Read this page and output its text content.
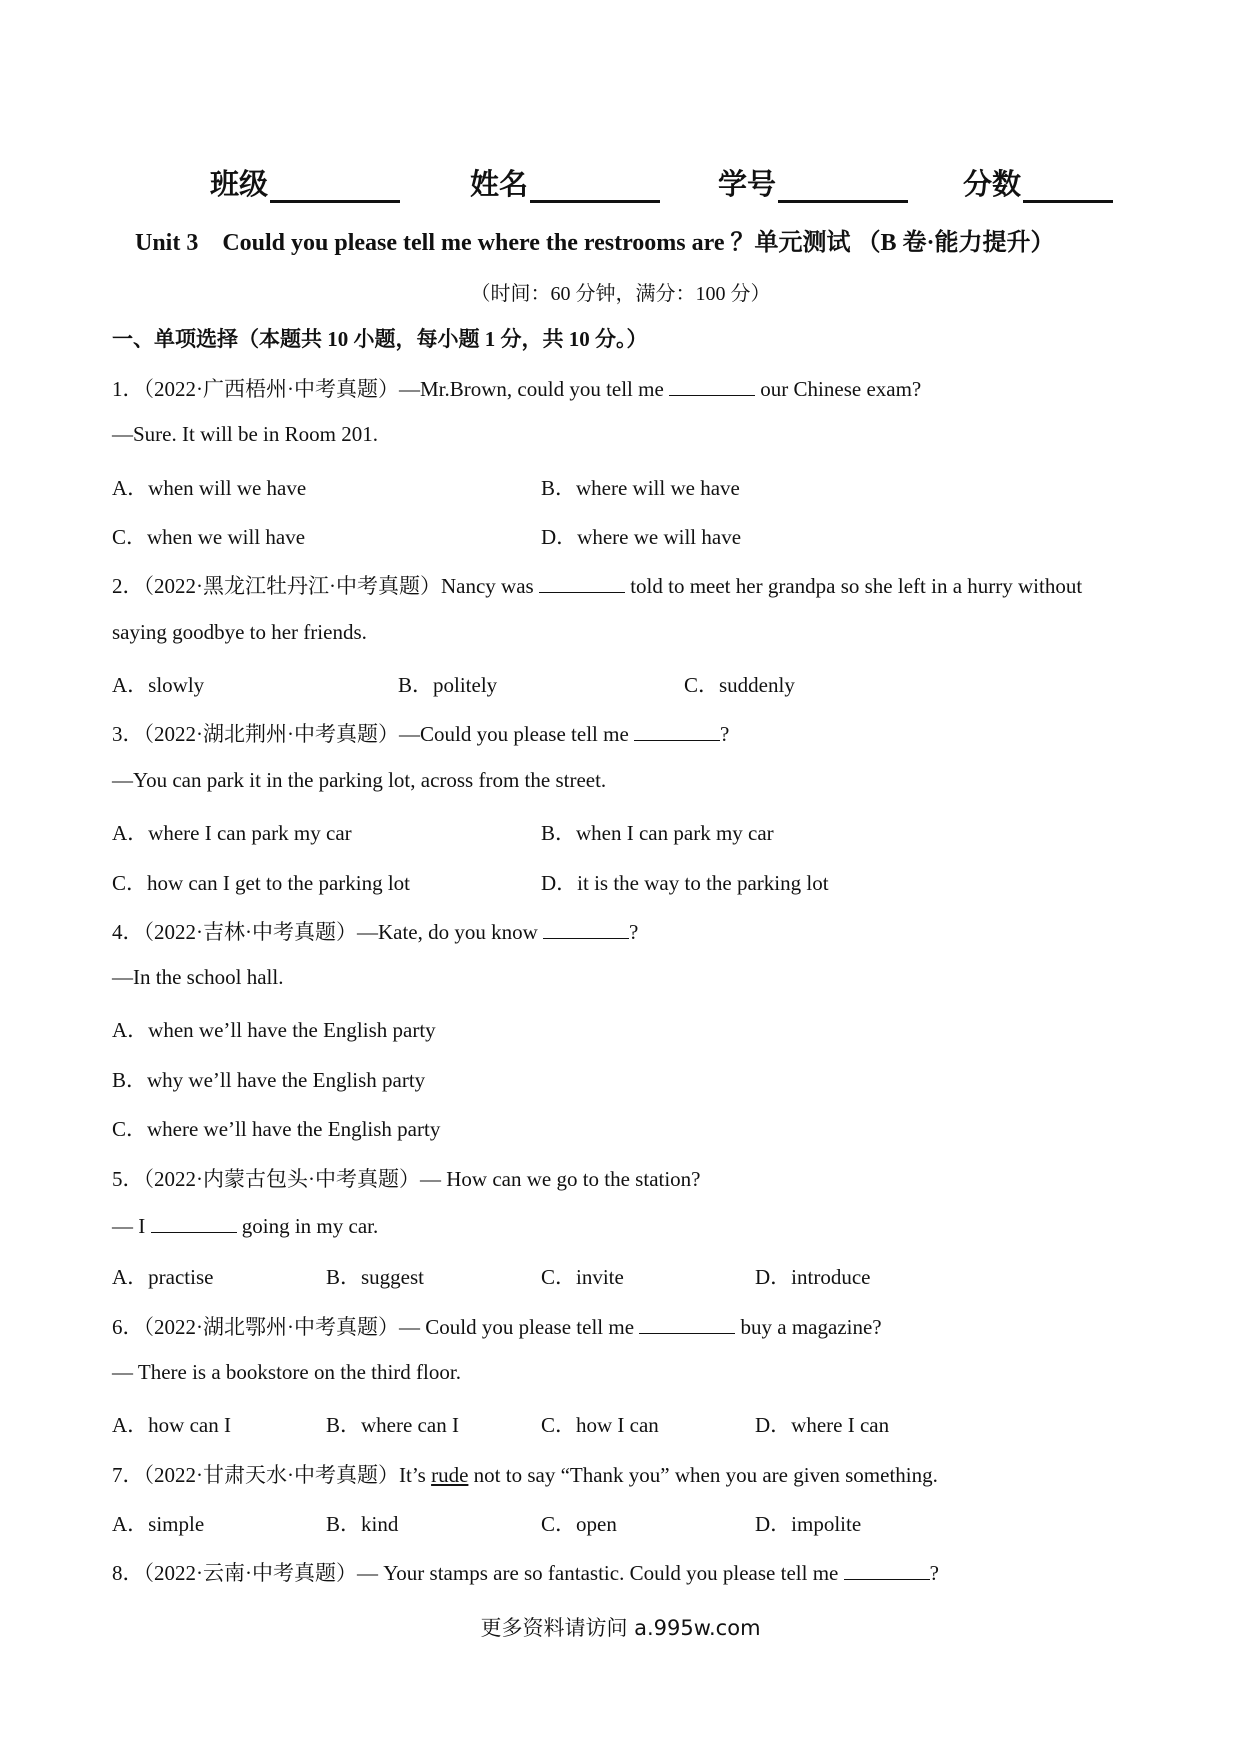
班级	姓名	学号	分数
Unit 3　Could you please tell me where the restrooms are ？单元测试 （B 卷·能力提升）
（时间：60 分钟，满分：100 分）
一、单项选择（本题共 10 小题，每小题 1 分，共 10 分。）
1．（2022·广西梧州·中考真题）—Mr.Brown, could you tell me	our Chinese exam?
—Sure. It will be in Room 201.
A．when will we have	B．where will we have
C．when we will have	D．where we will have
2．（2022·黑龙江牡丹江·中考真题）Nancy was	told to meet her grandpa so she left in a hurry without
saying goodbye to her friends.
A．slowly	B．politely	C．suddenly
3．（2022·湖北荆州·中考真题）—Could you please tell me	?
—You can park it in the parking lot, across from the street.
A．where I can park my car	B．when I can park my car
C．how can I get to the parking lot	D．it is the way to the parking lot
4．（2022·吉林·中考真题）—Kate, do you know	?
—In the school hall.
A．when we’ll have the English party
B．why we’ll have the English party
C．where we’ll have the English party
5．（2022·内蒙古包头·中考真题）— How can we go to the station?
— I	going in my car.
A．practise	B．suggest	C．invite	D．introduce
6．（2022·湖北鄂州·中考真题）— Could you please tell me	buy a magazine?
— There is a bookstore on the third floor.
A．how can I	B．where can I	C．how I can	D．where I can
7．（2022·甘肃天水·中考真题）It’s rude not to say “Thank you” when you are given something.
A．simple	B．kind	C．open	D．impolite
8．（2022·云南·中考真题）— Your stamps are so fantastic. Could you please tell me	?
更多资料请访问 a.995w.com
